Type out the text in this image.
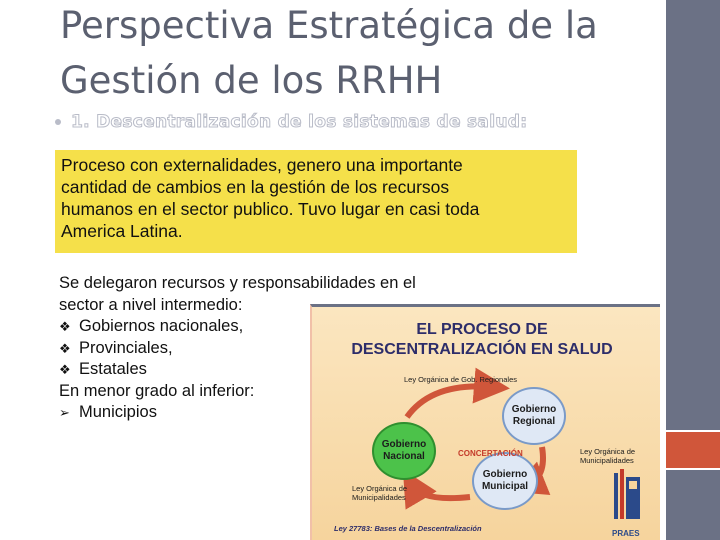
Perspectiva Estratégica de la
Gestión de los RRHH
1. Descentralización de los sistemas de salud:
Proceso con externalidades, genero una importante
cantidad de cambios en la gestión de los recursos
humanos en el sector publico. Tuvo lugar en casi toda
America Latina.
Se delegaron recursos y responsabilidades en el
sector a nivel intermedio:
❖ Gobiernos nacionales,
❖ Provinciales,
❖ Estatales
En menor grado al inferior:
➢ Municipios
EL PROCESO DE
DESCENTRALIZACIÓN EN SALUD
Ley Orgánica de Gob. Regionales
Gobierno Regional
Gobierno Nacional
Gobierno Municipal
CONCERTACIÓN
Ley Orgánica de
Municipalidades
Ley Orgánica de
Municipalidades
Ley 27783: Bases de la Descentralización
PRAES
